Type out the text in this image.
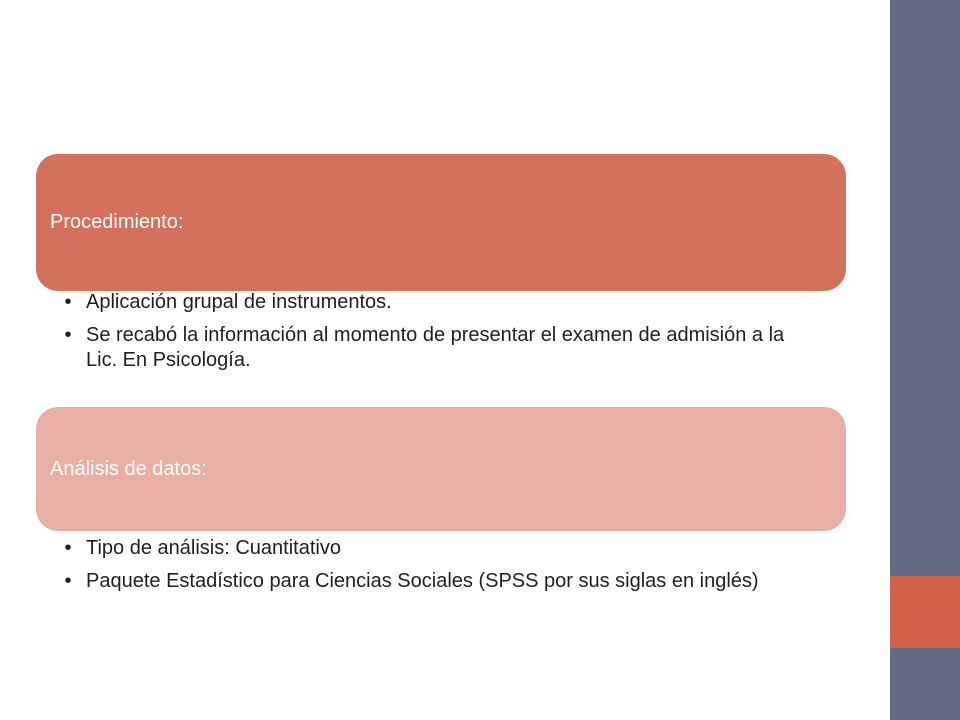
Procedimiento:
• Aplicación grupal de instrumentos.
• Se recabó la información al momento de presentar el examen de admisión a la Lic. En Psicología.
Análisis de datos:
• Tipo de análisis: Cuantitativo
• Paquete Estadístico para Ciencias Sociales (SPSS por sus siglas en inglés)
